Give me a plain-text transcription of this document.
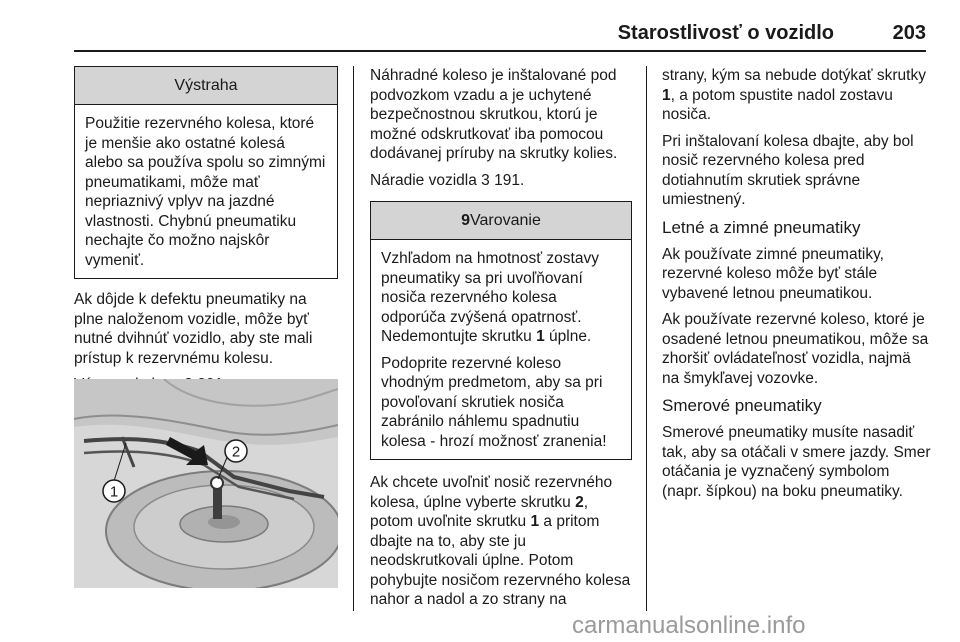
Starostlivosť o vozidlo	203
Výstraha

Použitie rezervného kolesa, ktoré je menšie ako ostatné kolesá alebo sa používa spolu so zimnými pneumatikami, môže mať nepriaznivý vplyv na jazdné vlastnosti. Chybnú pneumatiku nechajte čo možno najskôr vymeniť.

Ak dôjde k defektu pneumatiky na plne naloženom vozidle, môže byť nutné dvihnúť vozidlo, aby ste mali prístup k rezervnému kolesu.

1
2

Náhradné koleso je inštalované pod podvozkom vzadu a je uchytené bezpečnostnou skrutkou, ktorú je možné odskrutkovať iba pomocou dodávanej príruby na skrutky kolies.

Náradie vozidla 3 191.

9Varovanie

Vzhľadom na hmotnosť zostavy pneumatiky sa pri uvoľňovaní nosiča rezervného kolesa odporúča zvýšená opatrnosť. Nedemontujte skrutku 1 úplne.

Podoprite rezervné koleso vhodným predmetom, aby sa pri povoľovaní skrutiek nosiča zabránilo náhlemu spadnutiu kolesa - hrozí možnosť zranenia!

Ak chcete uvoľniť nosič rezervného kolesa, úplne vyberte skrutku 2, potom uvoľnite skrutku 1 a pritom dbajte na to, aby ste ju neodskrutkovali úplne. Potom pohybujte nosičom rezervného kolesa nahor a nadol a zo strany na

strany, kým sa nebude dotýkať skrutky 1, a potom spustite nadol zostavu nosiča.

Pri inštalovaní kolesa dbajte, aby bol nosič rezervného kolesa pred dotiahnutím skrutiek správne umiestnený.

Letné a zimné pneumatiky

Ak používate zimné pneumatiky, rezervné koleso môže byť stále vybavené letnou pneumatikou.

Ak používate rezervné koleso, ktoré je osadené letnou pneumatikou, môže sa zhoršiť ovládateľnosť vozidla, najmä na šmykľavej vozovke.

Smerové pneumatiky

Smerové pneumatiky musíte nasadiť tak, aby sa otáčali v smere jazdy. Smer otáčania je vyznačený symbolom (napr. šípkou) na boku pneumatiky.

carmanualsonline.info
